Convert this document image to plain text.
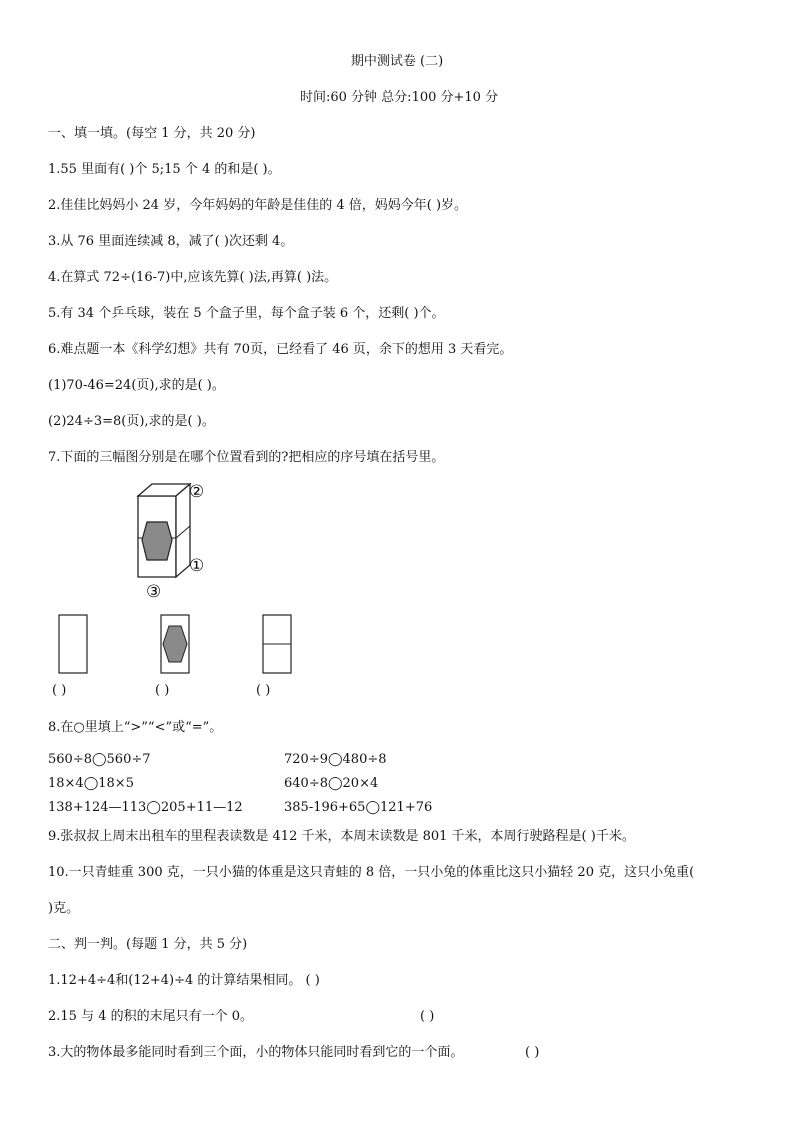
期中测试卷 (二)
时间:60 分钟 总分:100 分+10 分
一、填一填。(每空 1 分，共 20 分)
1.55 里面有( )个 5;15 个 4 的和是( )。
2.佳佳比妈妈小 24 岁，今年妈妈的年龄是佳佳的 4 倍，妈妈今年( )岁。
3.从 76 里面连续减 8，减了( )次还剩 4。
4.在算式 72÷(16-7)中,应该先算( )法,再算( )法。
5.有 34 个乒乓球，装在 5 个盒子里，每个盒子装 6 个，还剩( )个。
6.难点题一本《科学幻想》共有 70页，已经看了 46 页，余下的想用 3 天看完。
(1)70-46=24(页),求的是( )。
(2)24÷3=8(页),求的是( )。
7.下面的三幅图分别是在哪个位置看到的?把相应的序号填在括号里。
②
①
③
( )	( )	( )
8.在○里填上“>”“<”或“=”。
560÷8◯560÷7	720÷9◯480÷8
18×4◯18×5	640÷8◯20×4
138+124—113◯205+11—12	385-196+65◯121+76
9.张叔叔上周末出租车的里程表读数是 412 千米，本周末读数是 801 千米，本周行驶路程是( )千米。
10.一只青蛙重 300 克，一只小猫的体重是这只青蛙的 8 倍，一只小兔的体重比这只小猫轻 20 克，这只小兔重(
)克。
二、判一判。(每题 1 分，共 5 分)
1.12+4÷4和(12+4)÷4 的计算结果相同。 ( )
2.15 与 4 的积的末尾只有一个 0。	( )
3.大的物体最多能同时看到三个面，小的物体只能同时看到它的一个面。	( )
